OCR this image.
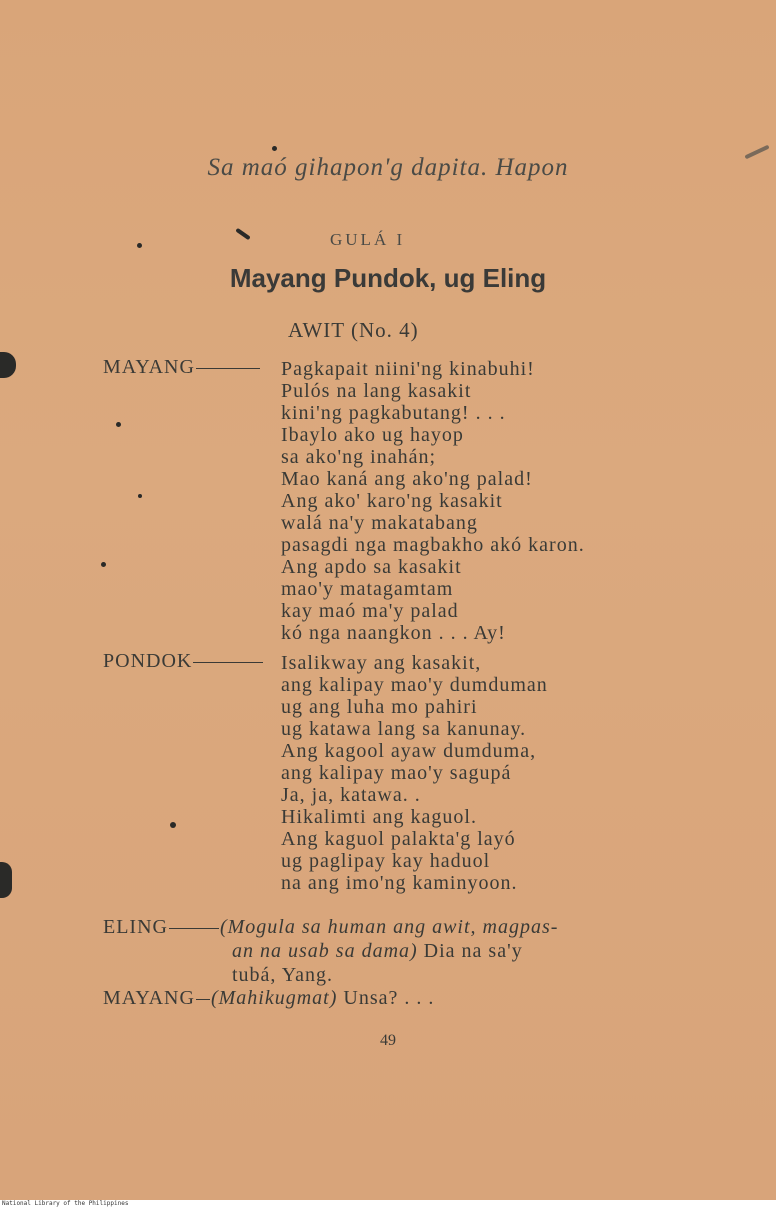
Sa maó gihapon'g dapita. Hapon
GULÁ I
Mayang Pundok, ug Eling
AWIT (No. 4)
MAYANG	Pagkapait niini'ng kinabuhi!
Pulós na lang kasakit
kini'ng pagkabutang! . . .
Ibaylo ako ug hayop
sa ako'ng inahán;
Mao kaná ang ako'ng palad!
Ang ako' karo'ng kasakit
walá na'y makatabang
pasagdi nga magbakho akó karon.
Ang apdo sa kasakit
mao'y matagamtam
kay maó ma'y palad
kó nga naangkon . . . Ay!
PONDOK	Isalikway ang kasakit,
ang kalipay mao'y dumduman
ug ang luha mo pahiri
ug katawa lang sa kanunay.
Ang kagool ayaw dumduma,
ang kalipay mao'y sagupá
Ja, ja, katawa. .
Hikalimti ang kaguol.
Ang kaguol palakta'g layó
ug paglipay kay haduol
na ang imo'ng kaminyoon.
ELING	(Mogula sa human ang awit, magpas-
an na usab sa dama) Dia na sa'y
tubá, Yang.
MAYANG (Mahikugmat) Unsa? . . .
49
National Library of the Philippines
